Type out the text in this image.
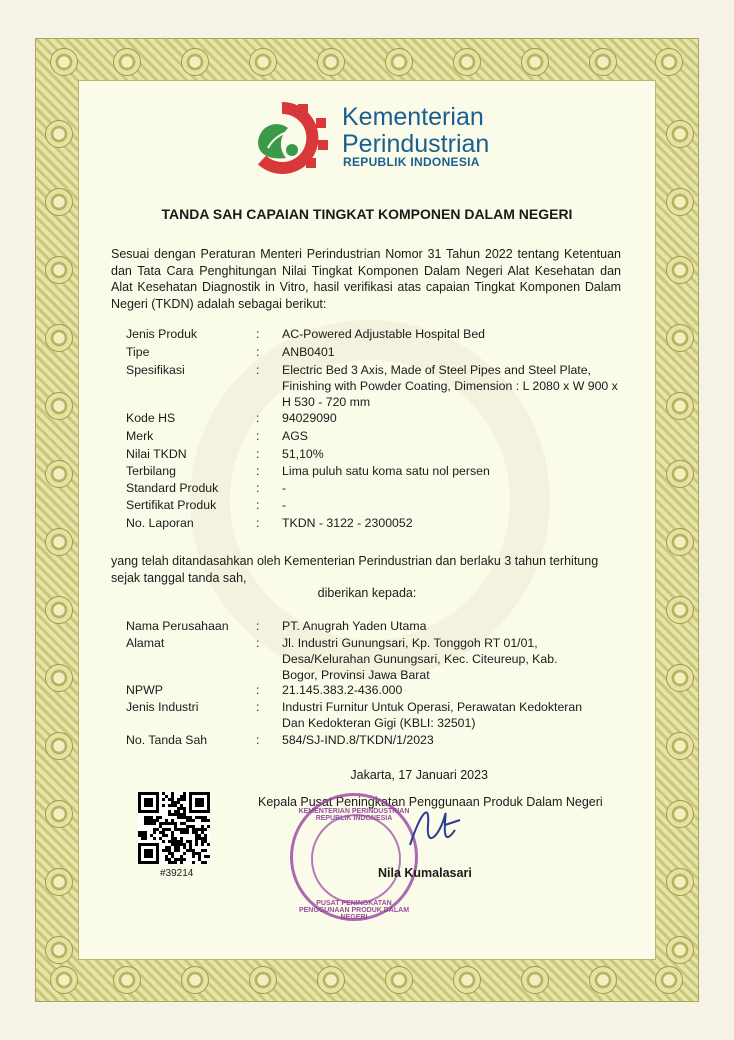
Kementerian
Perindustrian
REPUBLIK INDONESIA
TANDA SAH CAPAIAN TINGKAT KOMPONEN DALAM NEGERI
Sesuai dengan Peraturan Menteri Perindustrian Nomor 31 Tahun 2022 tentang Ketentuan dan Tata Cara Penghitungan Nilai Tingkat Komponen Dalam Negeri Alat Kesehatan dan Alat Kesehatan Diagnostik in Vitro, hasil verifikasi atas capaian Tingkat Komponen Dalam Negeri (TKDN) adalah sebagai berikut:
Jenis Produk	: AC-Powered Adjustable Hospital Bed
Tipe	: ANB0401
Spesifikasi	: Electric Bed 3 Axis, Made of Steel Pipes and Steel Plate, Finishing with Powder Coating, Dimension : L 2080 x W 900 x H 530 - 720 mm
Kode HS	: 94029090
Merk	: AGS
Nilai TKDN	: 51,10%
Terbilang	: Lima puluh satu koma satu nol persen
Standard Produk	: -
Sertifikat Produk	: -
No. Laporan	: TKDN - 3122 - 2300052
yang telah ditandasahkan oleh Kementerian Perindustrian dan berlaku 3 tahun terhitung sejak tanggal tanda sah,
diberikan kepada:
Nama Perusahaan : PT. Anugrah Yaden Utama
Alamat	: Jl. Industri Gunungsari, Kp. Tonggoh RT 01/01, Desa/Kelurahan Gunungsari, Kec. Citeureup, Kab. Bogor, Provinsi Jawa Barat
NPWP	: 21.145.383.2-436.000
Jenis Industri	: Industri Furnitur Untuk Operasi, Perawatan Kedokteran Dan Kedokteran Gigi (KBLI: 32501)
No. Tanda Sah	: 584/SJ-IND.8/TKDN/1/2023
Jakarta, 17 Januari 2023
Kepala Pusat Peningkatan Penggunaan Produk Dalam Negeri
#39214
KEMENTERIAN PERINDUSTRIAN REPUBLIK INDONESIA
PUSAT PENINGKATAN PENGGUNAAN PRODUK DALAM NEGERI
Nila Kumalasari
